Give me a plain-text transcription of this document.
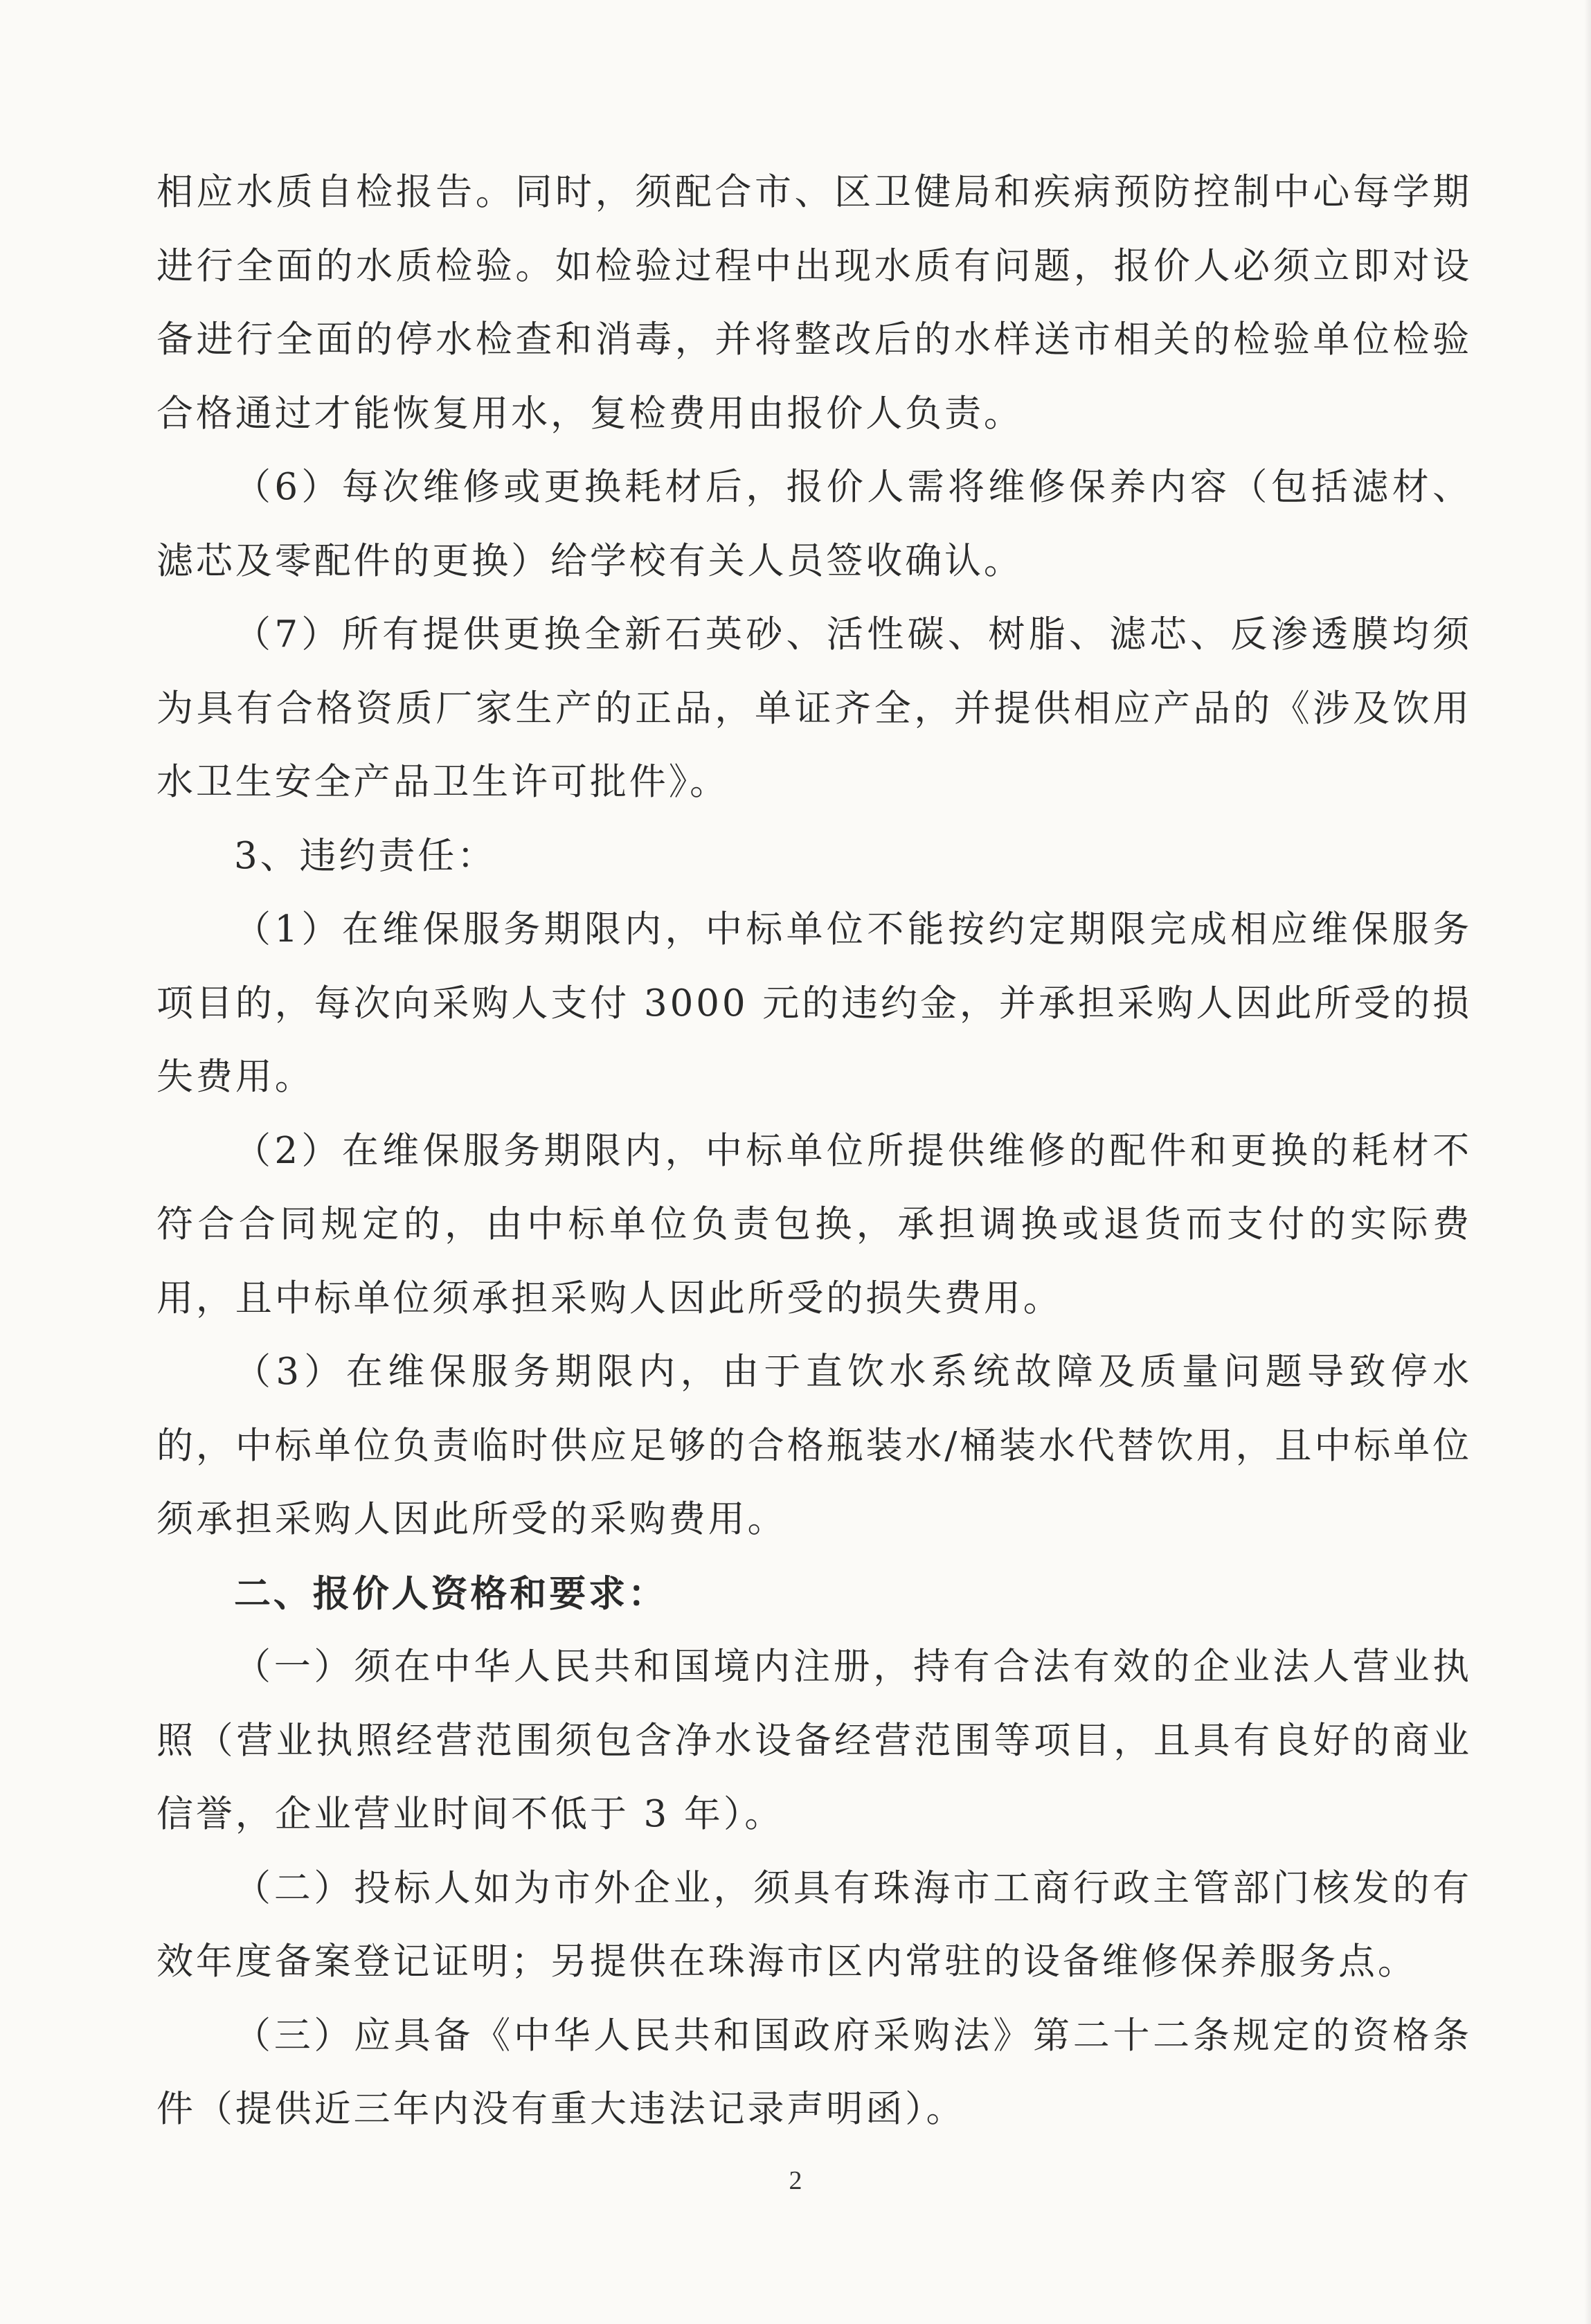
相应水质自检报告。同时，须配合市、区卫健局和疾病预防控制中心每学期进行全面的水质检验。如检验过程中出现水质有问题，报价人必须立即对设备进行全面的停水检查和消毒，并将整改后的水样送市相关的检验单位检验合格通过才能恢复用水，复检费用由报价人负责。

（6）每次维修或更换耗材后，报价人需将维修保养内容（包括滤材、滤芯及零配件的更换）给学校有关人员签收确认。

（7）所有提供更换全新石英砂、活性碳、树脂、滤芯、反渗透膜均须为具有合格资质厂家生产的正品，单证齐全，并提供相应产品的《涉及饮用水卫生安全产品卫生许可批件》。

3、违约责任：

（1）在维保服务期限内，中标单位不能按约定期限完成相应维保服务项目的，每次向采购人支付 3000 元的违约金，并承担采购人因此所受的损失费用。

（2）在维保服务期限内，中标单位所提供维修的配件和更换的耗材不符合合同规定的，由中标单位负责包换，承担调换或退货而支付的实际费用，且中标单位须承担采购人因此所受的损失费用。

（3）在维保服务期限内，由于直饮水系统故障及质量问题导致停水的，中标单位负责临时供应足够的合格瓶装水/桶装水代替饮用，且中标单位须承担采购人因此所受的采购费用。

二、报价人资格和要求：

（一）须在中华人民共和国境内注册，持有合法有效的企业法人营业执照（营业执照经营范围须包含净水设备经营范围等项目，且具有良好的商业信誉，企业营业时间不低于 3 年）。

（二）投标人如为市外企业，须具有珠海市工商行政主管部门核发的有效年度备案登记证明；另提供在珠海市区内常驻的设备维修保养服务点。

（三）应具备《中华人民共和国政府采购法》第二十二条规定的资格条件（提供近三年内没有重大违法记录声明函）。

2
